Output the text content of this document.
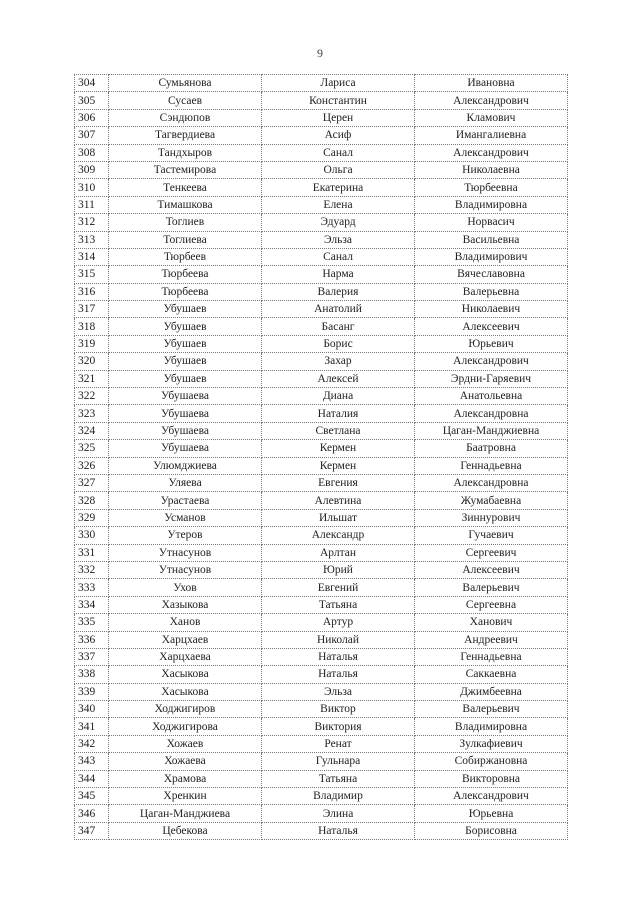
9
304	Сумьянова	Лариса	Ивановна
305	Сусаев	Константин	Александрович
306	Сэндюпов	Церен	Кламович
307	Тагвердиева	Асиф	Имангалиевна
308	Тандхыров	Санал	Александрович
309	Тастемирова	Ольга	Николаевна
310	Тенкеева	Екатерина	Тюрбеевна
311	Тимашкова	Елена	Владимировна
312	Тоглиев	Эдуард	Норвасич
313	Тоглиева	Эльза	Васильевна
314	Тюрбеев	Санал	Владимирович
315	Тюрбеева	Нарма	Вячеславовна
316	Тюрбеева	Валерия	Валерьевна
317	Убушаев	Анатолий	Николаевич
318	Убушаев	Басанг	Алексеевич
319	Убушаев	Борис	Юрьевич
320	Убушаев	Захар	Александрович
321	Убушаев	Алексей	Эрдни-Гаряевич
322	Убушаева	Диана	Анатольевна
323	Убушаева	Наталия	Александровна
324	Убушаева	Светлана	Цаган-Манджиевна
325	Убушаева	Кермен	Баатровна
326	Улюмджиева	Кермен	Геннадьевна
327	Уляева	Евгения	Александровна
328	Урастаева	Алевтина	Жумабаевна
329	Усманов	Ильшат	Зиннурович
330	Утеров	Александр	Гучаевич
331	Утнасунов	Арлтан	Сергеевич
332	Утнасунов	Юрий	Алексеевич
333	Ухов	Евгений	Валерьевич
334	Хазыкова	Татьяна	Сергеевна
335	Ханов	Артур	Ханович
336	Харцхаев	Николай	Андреевич
337	Харцхаева	Наталья	Геннадьевна
338	Хасыкова	Наталья	Саккаевна
339	Хасыкова	Эльза	Джимбеевна
340	Ходжигиров	Виктор	Валерьевич
341	Ходжигирова	Виктория	Владимировна
342	Хожаев	Ренат	Зулкафиевич
343	Хожаева	Гульнара	Собиржановна
344	Храмова	Татьяна	Викторовна
345	Хренкин	Владимир	Александрович
346	Цаган-Манджиева	Элина	Юрьевна
347	Цебекова	Наталья	Борисовна
